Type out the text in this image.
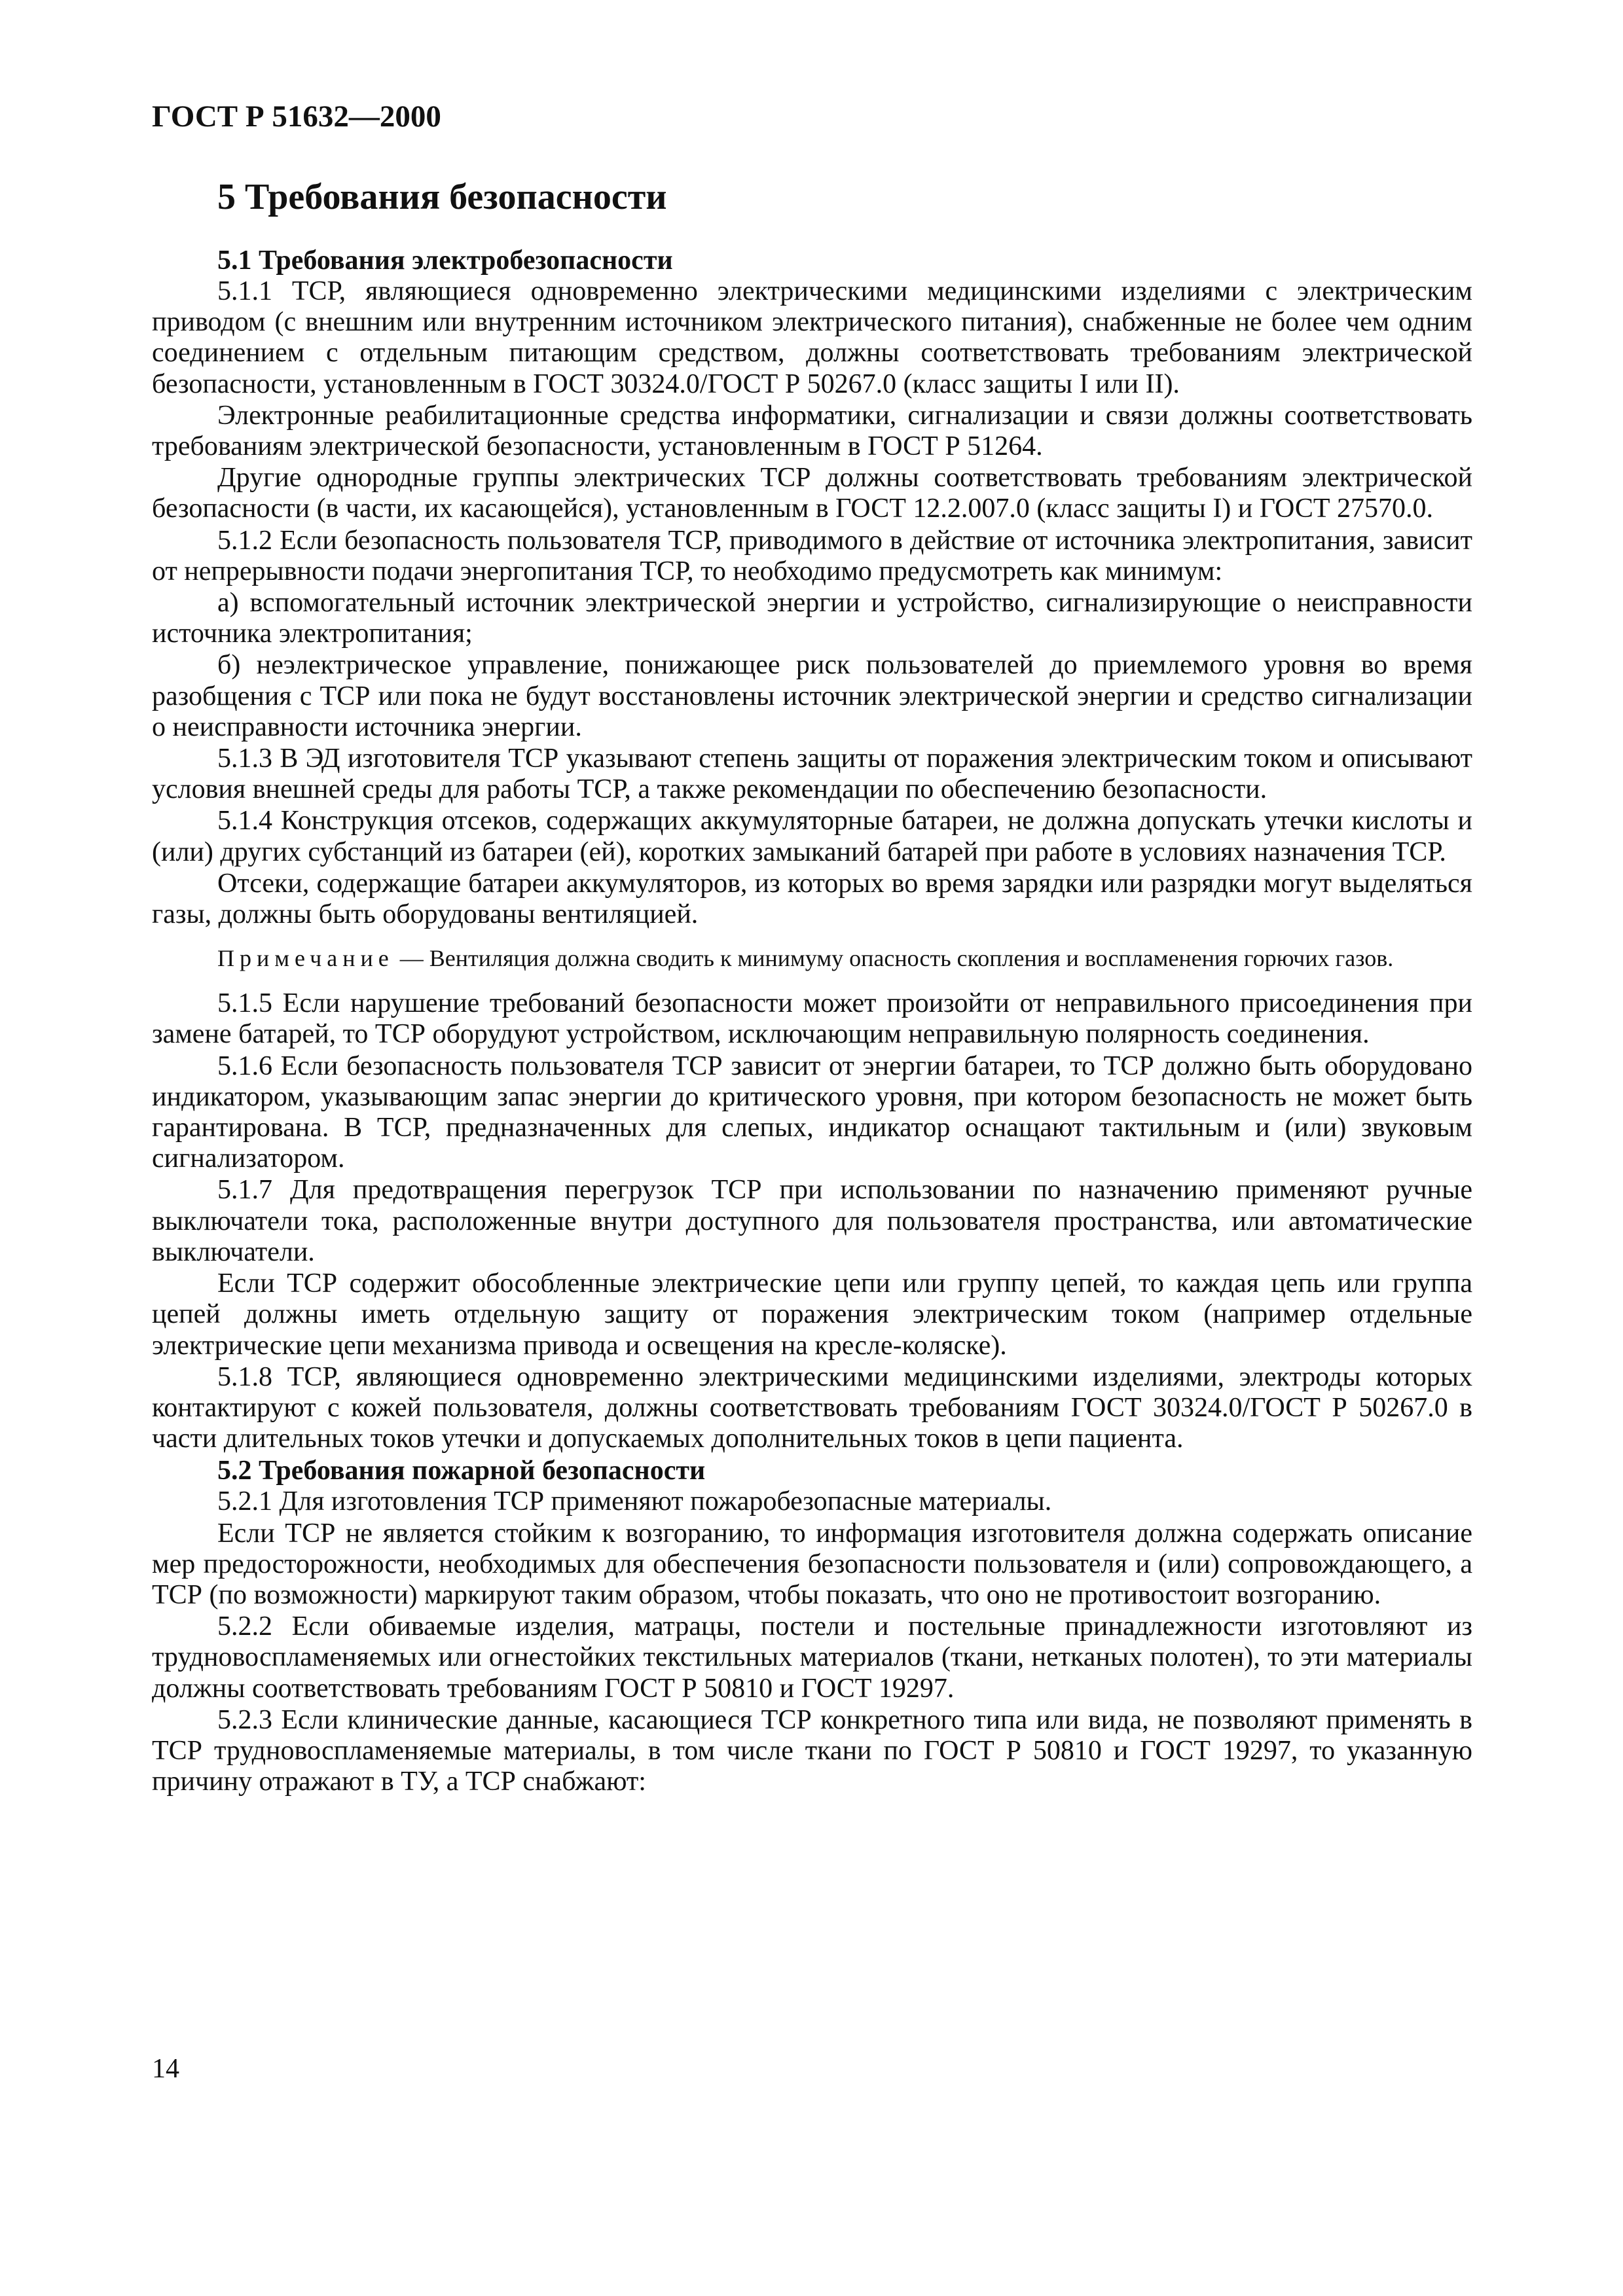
ГОСТ Р 51632—2000
5 Требования безопасности
5.1 Требования электробезопасности

5.1.1 ТСР, являющиеся одновременно электрическими медицинскими изделиями с электрическим приводом (с внешним или внутренним источником электрического питания), снабженные не более чем одним соединением с отдельным питающим средством, должны соответствовать требованиям электрической безопасности, установленным в ГОСТ 30324.0/ГОСТ Р 50267.0 (класс защиты I или II).

Электронные реабилитационные средства информатики, сигнализации и связи должны соответствовать требованиям электрической безопасности, установленным в ГОСТ Р 51264.

Другие однородные группы электрических ТСР должны соответствовать требованиям электрической безопасности (в части, их касающейся), установленным в ГОСТ 12.2.007.0 (класс защиты I) и ГОСТ 27570.0.

5.1.2 Если безопасность пользователя ТСР, приводимого в действие от источника электропитания, зависит от непрерывности подачи энергопитания ТСР, то необходимо предусмотреть как минимум:

а) вспомогательный источник электрической энергии и устройство, сигнализирующие о неисправности источника электропитания;

б) неэлектрическое управление, понижающее риск пользователей до приемлемого уровня во время разобщения с ТСР или пока не будут восстановлены источник электрической энергии и средство сигнализации о неисправности источника энергии.

5.1.3 В ЭД изготовителя ТСР указывают степень защиты от поражения электрическим током и описывают условия внешней среды для работы ТСР, а также рекомендации по обеспечению безопасности.

5.1.4 Конструкция отсеков, содержащих аккумуляторные батареи, не должна допускать утечки кислоты и (или) других субстанций из батареи (ей), коротких замыканий батарей при работе в условиях назначения ТСР.

Отсеки, содержащие батареи аккумуляторов, из которых во время зарядки или разрядки могут выделяться газы, должны быть оборудованы вентиляцией.

Примечание — Вентиляция должна сводить к минимуму опасность скопления и воспламенения горючих газов.

5.1.5 Если нарушение требований безопасности может произойти от неправильного присоединения при замене батарей, то ТСР оборудуют устройством, исключающим неправильную полярность соединения.

5.1.6 Если безопасность пользователя ТСР зависит от энергии батареи, то ТСР должно быть оборудовано индикатором, указывающим запас энергии до критического уровня, при котором безопасность не может быть гарантирована. В ТСР, предназначенных для слепых, индикатор оснащают тактильным и (или) звуковым сигнализатором.

5.1.7 Для предотвращения перегрузок ТСР при использовании по назначению применяют ручные выключатели тока, расположенные внутри доступного для пользователя пространства, или автоматические выключатели.

Если ТСР содержит обособленные электрические цепи или группу цепей, то каждая цепь или группа цепей должны иметь отдельную защиту от поражения электрическим током (например отдельные электрические цепи механизма привода и освещения на кресле-коляске).

5.1.8 ТСР, являющиеся одновременно электрическими медицинскими изделиями, электроды которых контактируют с кожей пользователя, должны соответствовать требованиям ГОСТ 30324.0/ГОСТ Р 50267.0 в части длительных токов утечки и допускаемых дополнительных токов в цепи пациента.

5.2 Требования пожарной безопасности

5.2.1 Для изготовления ТСР применяют пожаробезопасные материалы.

Если ТСР не является стойким к возгоранию, то информация изготовителя должна содержать описание мер предосторожности, необходимых для обеспечения безопасности пользователя и (или) сопровождающего, а ТСР (по возможности) маркируют таким образом, чтобы показать, что оно не противостоит возгоранию.

5.2.2 Если обиваемые изделия, матрацы, постели и постельные принадлежности изготовляют из трудновоспламеняемых или огнестойких текстильных материалов (ткани, нетканых полотен), то эти материалы должны соответствовать требованиям ГОСТ Р 50810 и ГОСТ 19297.

5.2.3 Если клинические данные, касающиеся ТСР конкретного типа или вида, не позволяют применять в ТСР трудновоспламеняемые материалы, в том числе ткани по ГОСТ Р 50810 и ГОСТ 19297, то указанную причину отражают в ТУ, а ТСР снабжают:

14
